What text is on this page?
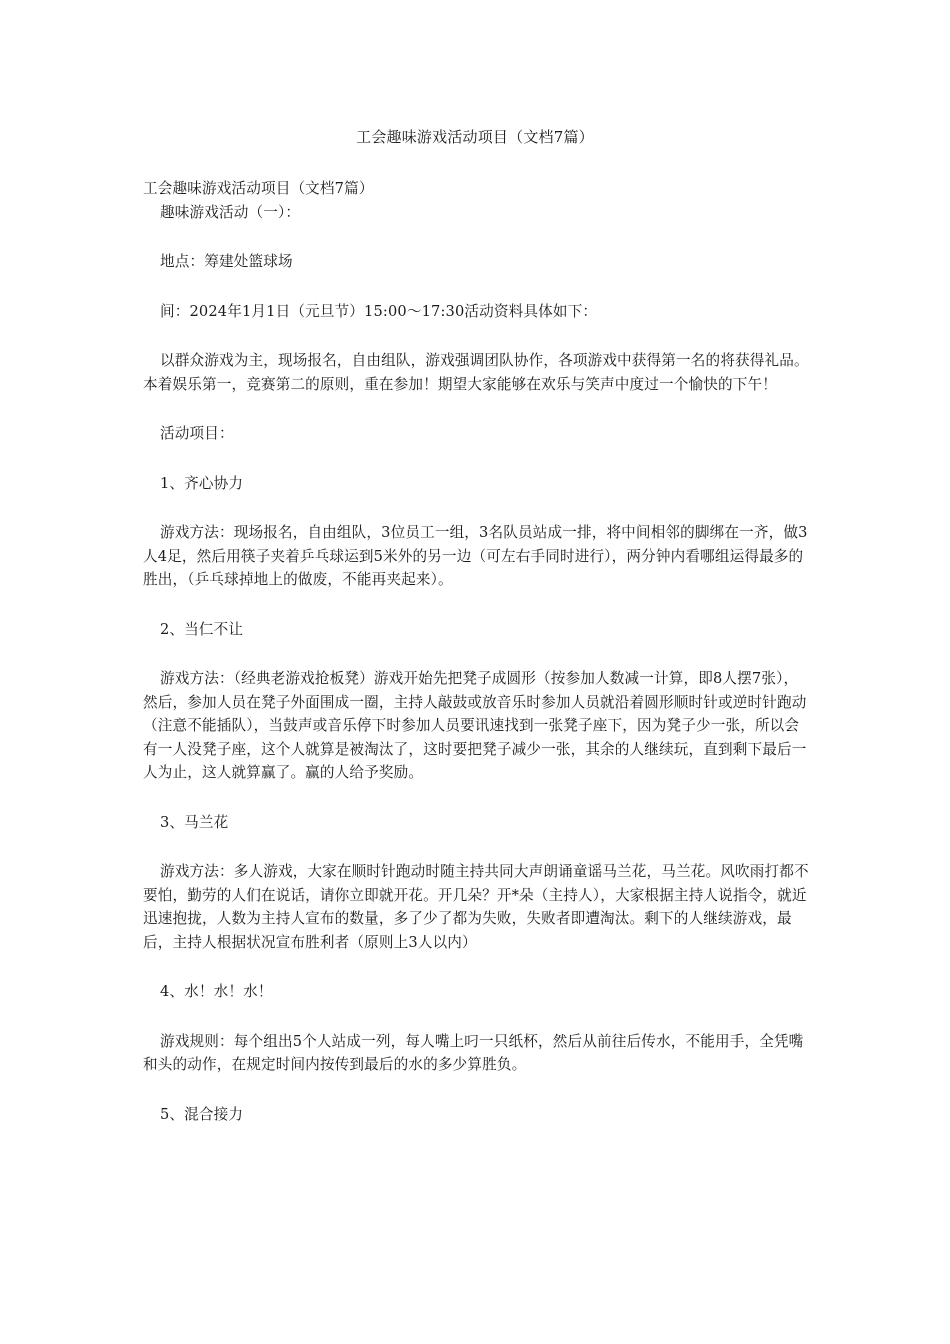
工会趣味游戏活动项目（文档7篇）

工会趣味游戏活动项目（文档7篇）

趣味游戏活动（一）：

地点：筹建处篮球场

间：2024年1月1日（元旦节）15:00～17:30活动资料具体如下：

以群众游戏为主，现场报名，自由组队，游戏强调团队协作，各项游戏中获得第一名的将获得礼品。本着娱乐第一，竞赛第二的原则，重在参加！期望大家能够在欢乐与笑声中度过一个愉快的下午！

活动项目：

1、齐心协力

游戏方法：现场报名，自由组队，3位员工一组，3名队员站成一排，将中间相邻的脚绑在一齐，做3人4足，然后用筷子夹着乒乓球运到5米外的另一边（可左右手同时进行），两分钟内看哪组运得最多的胜出，（乒乓球掉地上的做废，不能再夹起来）。

2、当仁不让

游戏方法：（经典老游戏抢板凳）游戏开始先把凳子成圆形（按参加人数减一计算，即8人摆7张），然后，参加人员在凳子外面围成一圈，主持人敲鼓或放音乐时参加人员就沿着圆形顺时针或逆时针跑动（注意不能插队），当鼓声或音乐停下时参加人员要讯速找到一张凳子座下，因为凳子少一张，所以会有一人没凳子座，这个人就算是被淘汰了，这时要把凳子减少一张，其余的人继续玩，直到剩下最后一人为止，这人就算赢了。赢的人给予奖励。

3、马兰花

游戏方法：多人游戏，大家在顺时针跑动时随主持共同大声朗诵童谣马兰花，马兰花。风吹雨打都不要怕，勤劳的人们在说话，请你立即就开花。开几朵？开*朵（主持人），大家根据主持人说指令，就近迅速抱拢，人数为主持人宣布的数量，多了少了都为失败，失败者即遭淘汰。剩下的人继续游戏，最后，主持人根据状况宣布胜利者（原则上3人以内）

4、水！水！水！

游戏规则：每个组出5个人站成一列，每人嘴上叼一只纸杯，然后从前往后传水，不能用手，全凭嘴和头的动作，在规定时间内按传到最后的水的多少算胜负。

5、混合接力
